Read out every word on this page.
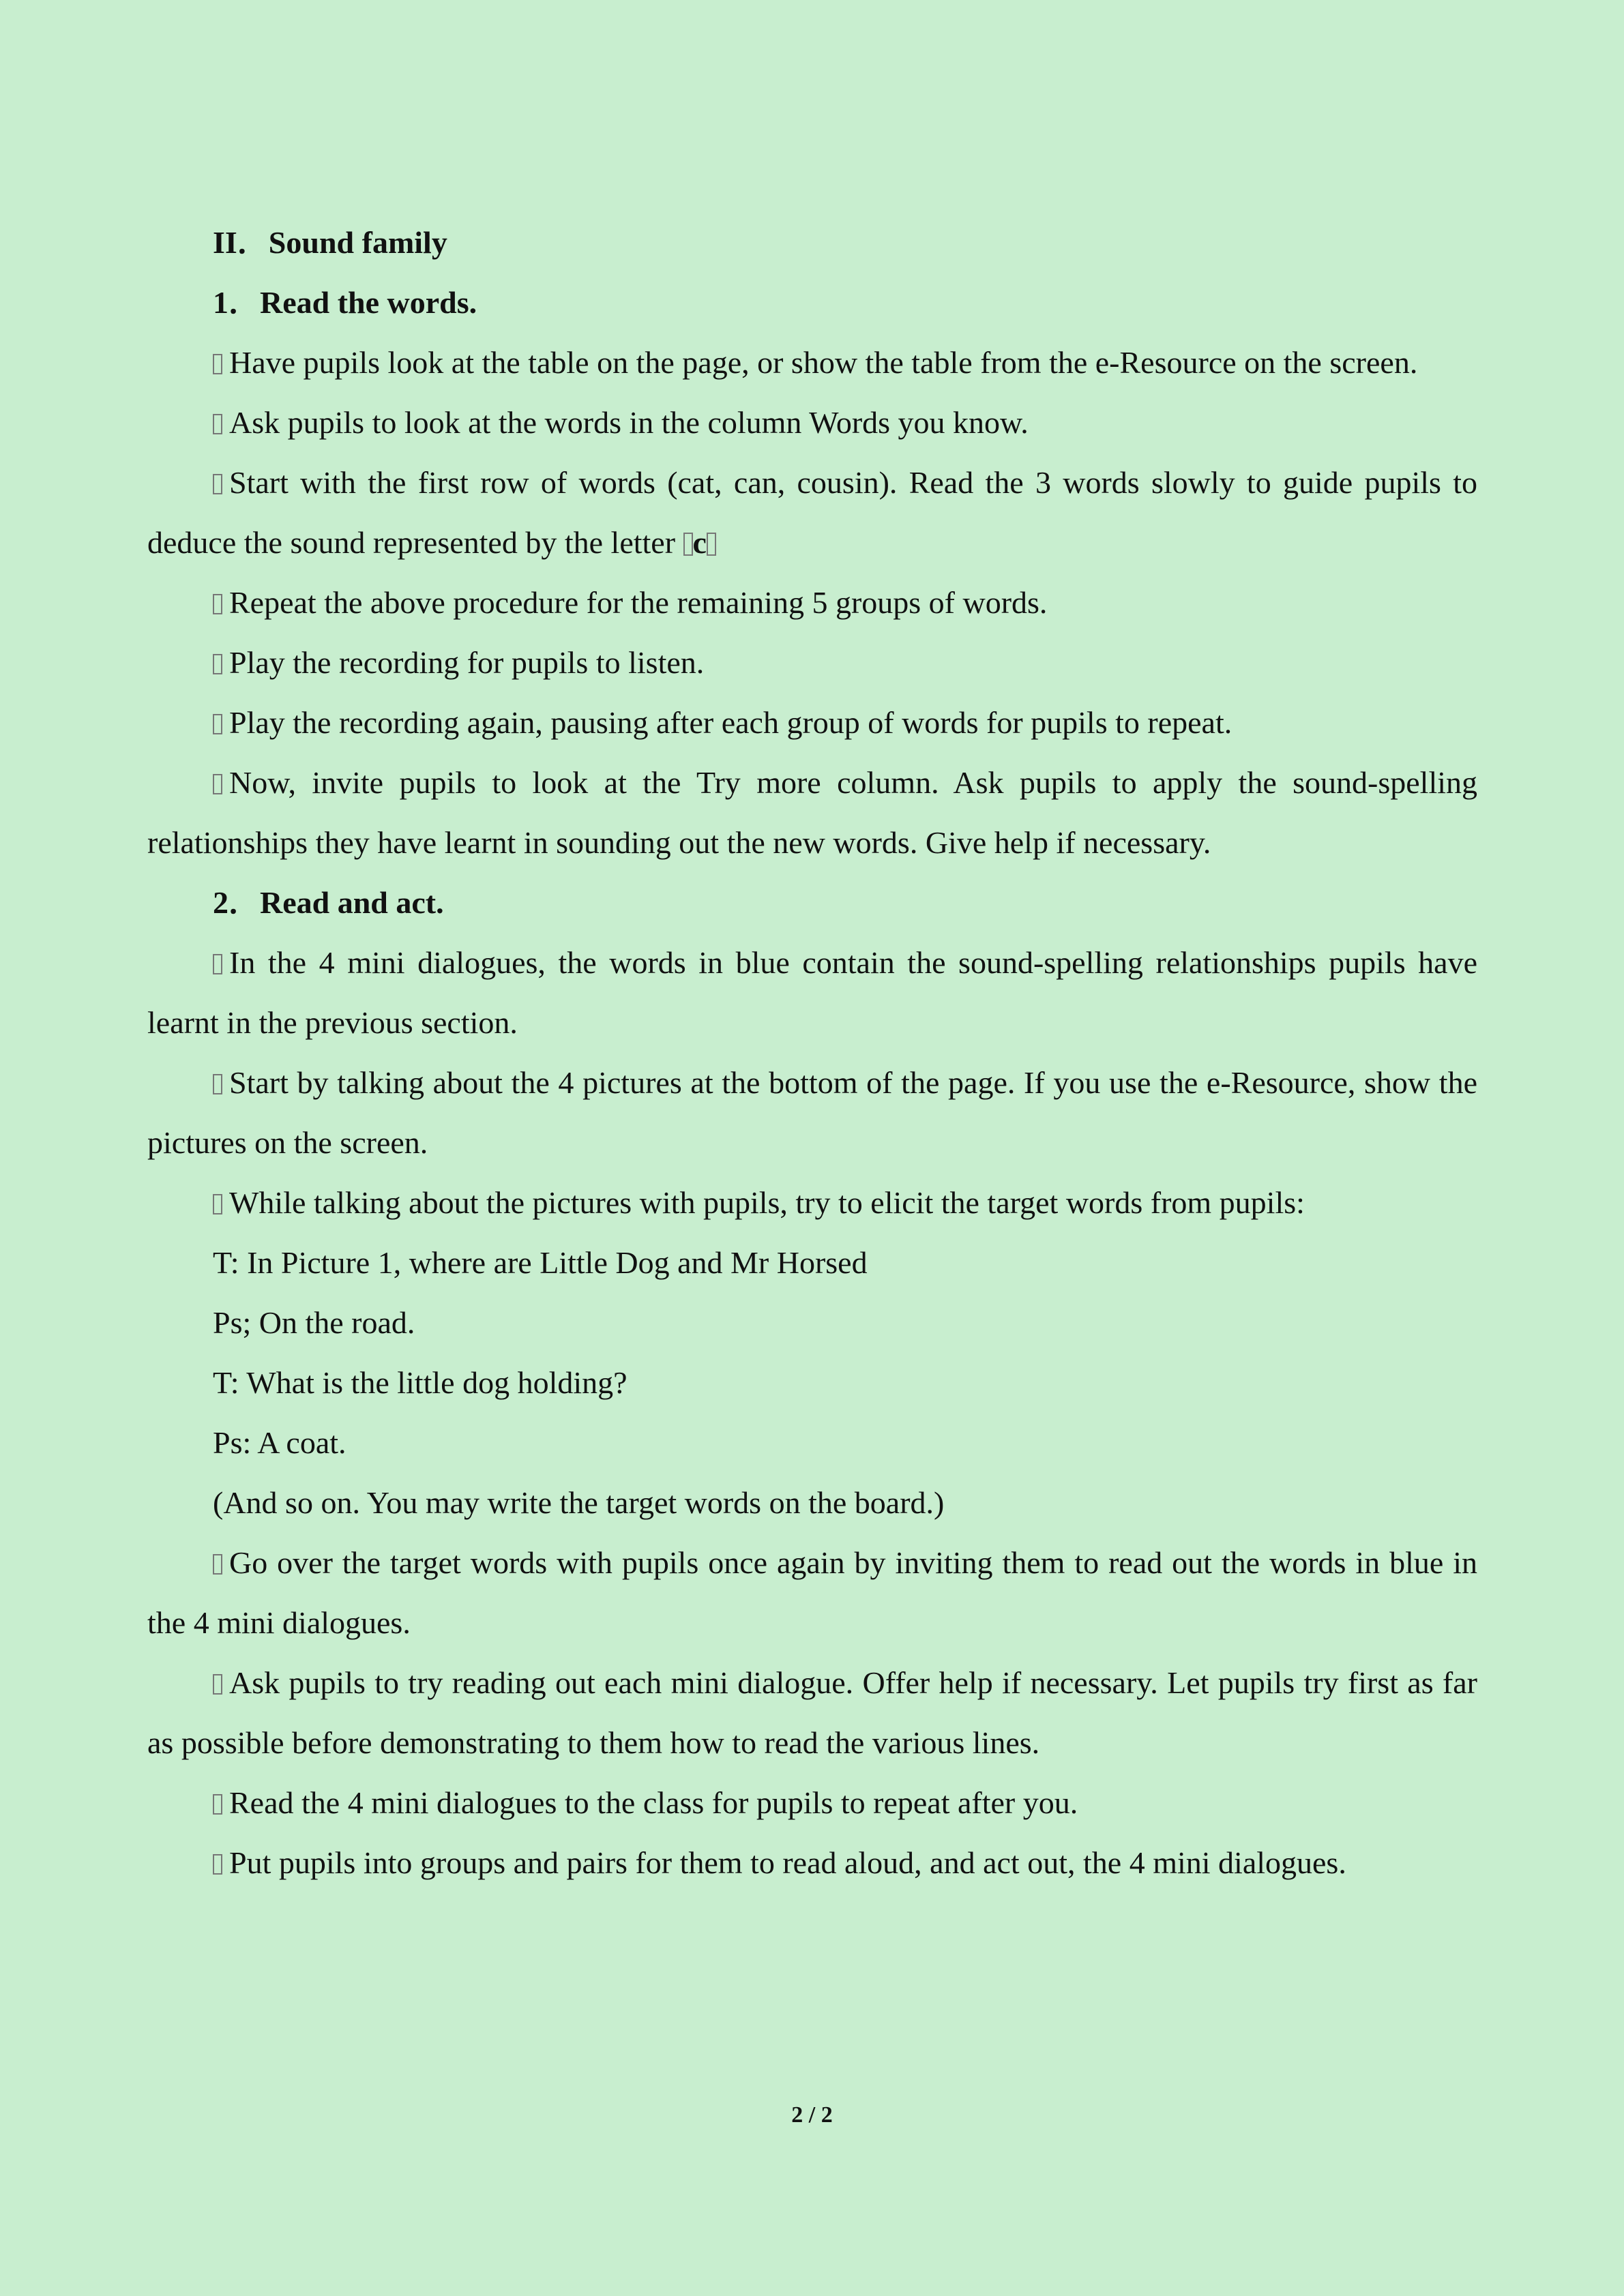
II．Sound family

1．Read the words.

Have pupils look at the table on the page, or show the table from the e-Resource on the screen.

Ask pupils to look at the words in the column Words you know.

Start with the first row of words (cat, can, cousin). Read the 3 words slowly to guide pupils to deduce the sound represented by the letter c

Repeat the above procedure for the remaining 5 groups of words.

Play the recording for pupils to listen.

Play the recording again, pausing after each group of words for pupils to repeat.

Now, invite pupils to look at the Try more column. Ask pupils to apply the sound-spelling relationships they have learnt in sounding out the new words. Give help if necessary.

2．Read and act.

In the 4 mini dialogues, the words in blue contain the sound-spelling relationships pupils have learnt in the previous section.

Start by talking about the 4 pictures at the bottom of the page. If you use the e-Resource, show the pictures on the screen.

While talking about the pictures with pupils, try to elicit the target words from pupils:

T: In Picture 1, where are Little Dog and Mr Horsed

Ps; On the road.

T: What is the little dog holding?

Ps: A coat.

(And so on. You may write the target words on the board.)

Go over the target words with pupils once again by inviting them to read out the words in blue in the 4 mini dialogues.

Ask pupils to try reading out each mini dialogue. Offer help if necessary. Let pupils try first as far as possible before demonstrating to them how to read the various lines.

Read the 4 mini dialogues to the class for pupils to repeat after you.

Put pupils into groups and pairs for them to read aloud, and act out, the 4 mini dialogues.

2 / 2
